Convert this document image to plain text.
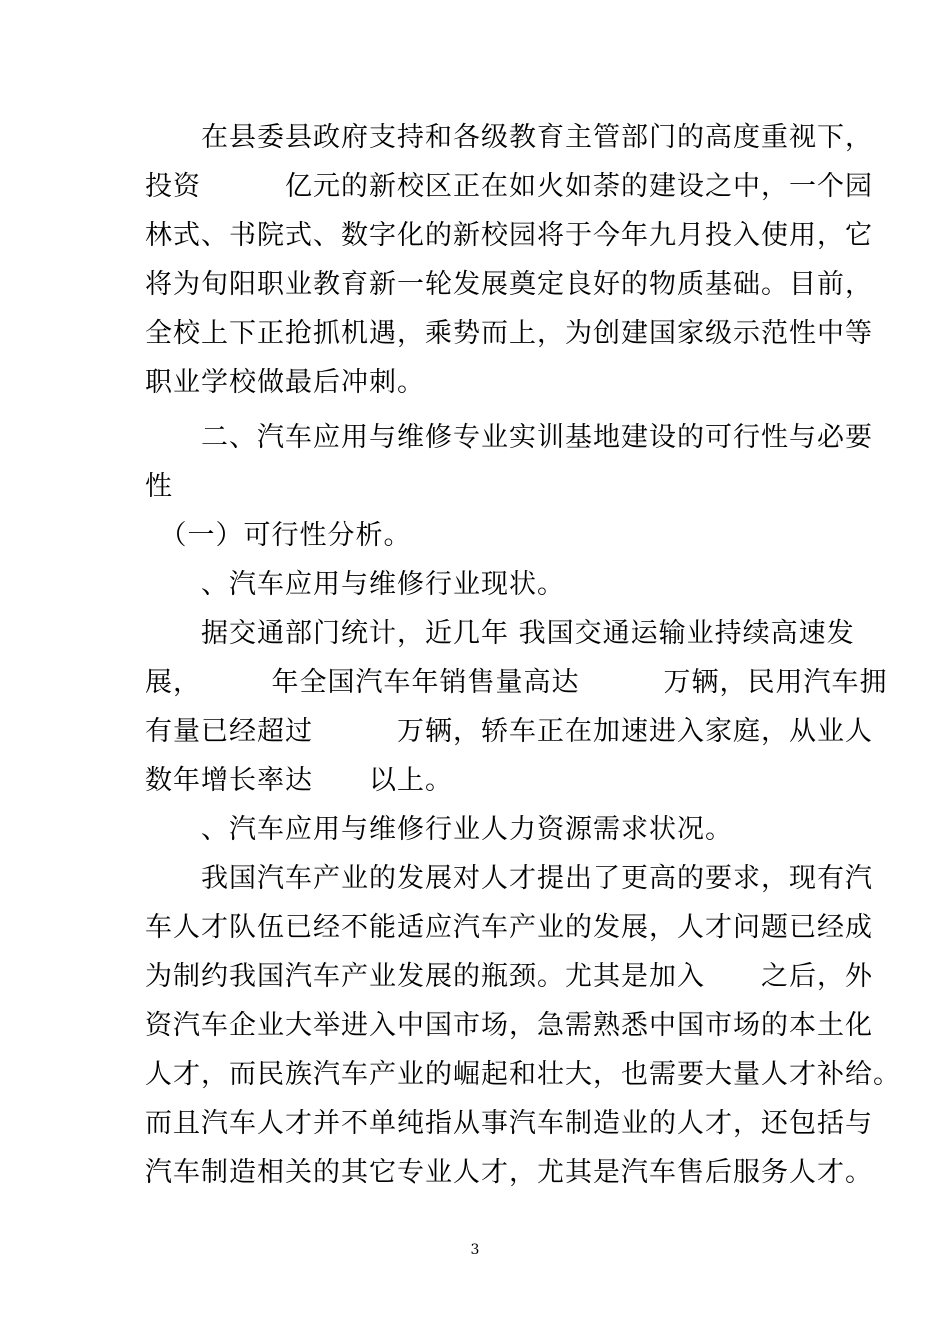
　　在县委县政府支持和各级教育主管部门的高度重视下，
投资　　　亿元的新校区正在如火如荼的建设之中，一个园
林式、书院式、数字化的新校园将于今年九月投入使用，它
将为旬阳职业教育新一轮发展奠定良好的物质基础。目前，
全校上下正抢抓机遇，乘势而上，为创建国家级示范性中等
职业学校做最后冲刺。
　　二、汽车应用与维修专业实训基地建设的可行性与必要
性
　（一）可行性分析。
　　、汽车应用与维修行业现状。
　　据交通部门统计，近几年 我国交通运输业持续高速发
展，　　　年全国汽车年销售量高达　　　万辆，民用汽车拥
有量已经超过　　　万辆，轿车正在加速进入家庭，从业人
数年增长率达　　以上。
　　、汽车应用与维修行业人力资源需求状况。
　　我国汽车产业的发展对人才提出了更高的要求，现有汽
车人才队伍已经不能适应汽车产业的发展，人才问题已经成
为制约我国汽车产业发展的瓶颈。尤其是加入　　之后，外
资汽车企业大举进入中国市场，急需熟悉中国市场的本土化
人才，而民族汽车产业的崛起和壮大，也需要大量人才补给。
而且汽车人才并不单纯指从事汽车制造业的人才，还包括与
汽车制造相关的其它专业人才，尤其是汽车售后服务人才。
3
